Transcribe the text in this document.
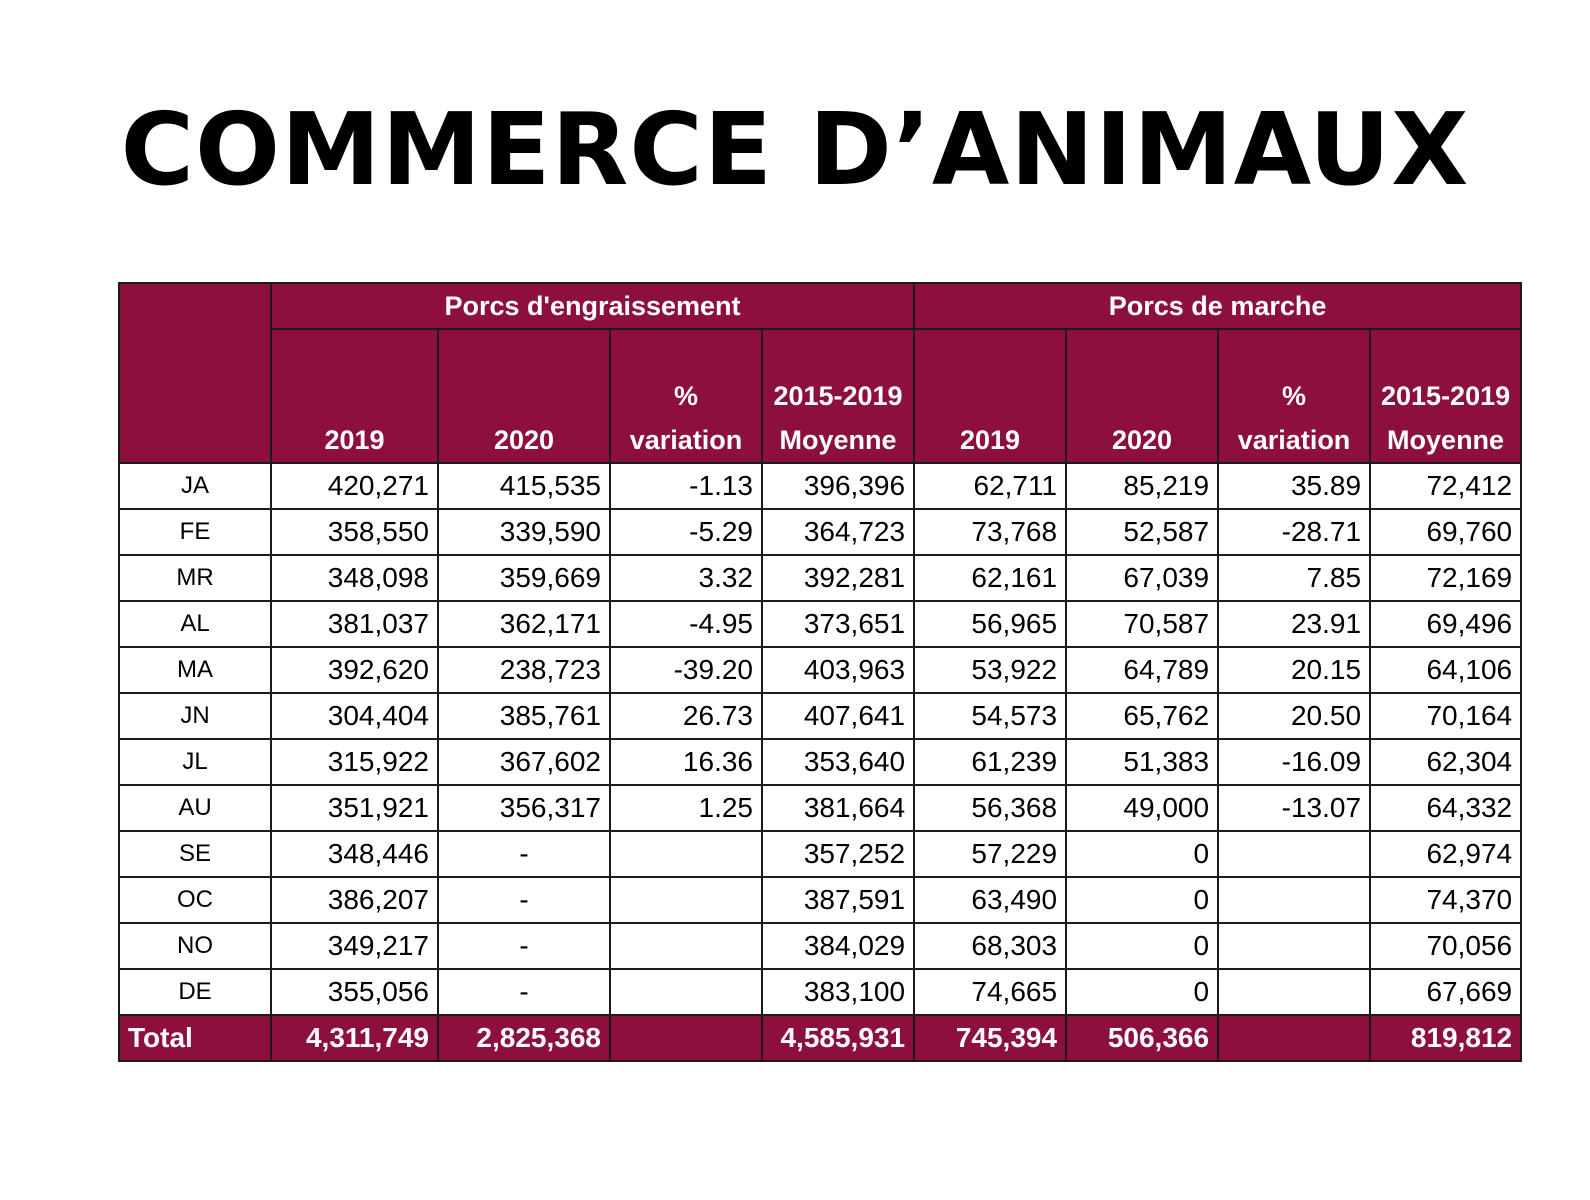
COMMERCE D’ANIMAUX
	Porcs d'engraissement				Porcs de marche			
	2019	2020	% variation	2015-2019 Moyenne	2019	2020	% variation	2015-2019 Moyenne
JA	420,271	415,535	-1.13	396,396	62,711	85,219	35.89	72,412
FE	358,550	339,590	-5.29	364,723	73,768	52,587	-28.71	69,760
MR	348,098	359,669	3.32	392,281	62,161	67,039	7.85	72,169
AL	381,037	362,171	-4.95	373,651	56,965	70,587	23.91	69,496
MA	392,620	238,723	-39.20	403,963	53,922	64,789	20.15	64,106
JN	304,404	385,761	26.73	407,641	54,573	65,762	20.50	70,164
JL	315,922	367,602	16.36	353,640	61,239	51,383	-16.09	62,304
AU	351,921	356,317	1.25	381,664	56,368	49,000	-13.07	64,332
SE	348,446	-		357,252	57,229	0		62,974
OC	386,207	-		387,591	63,490	0		74,370
NO	349,217	-		384,029	68,303	0		70,056
DE	355,056	-		383,100	74,665	0		67,669
Total	4,311,749	2,825,368		4,585,931	745,394	506,366		819,812
